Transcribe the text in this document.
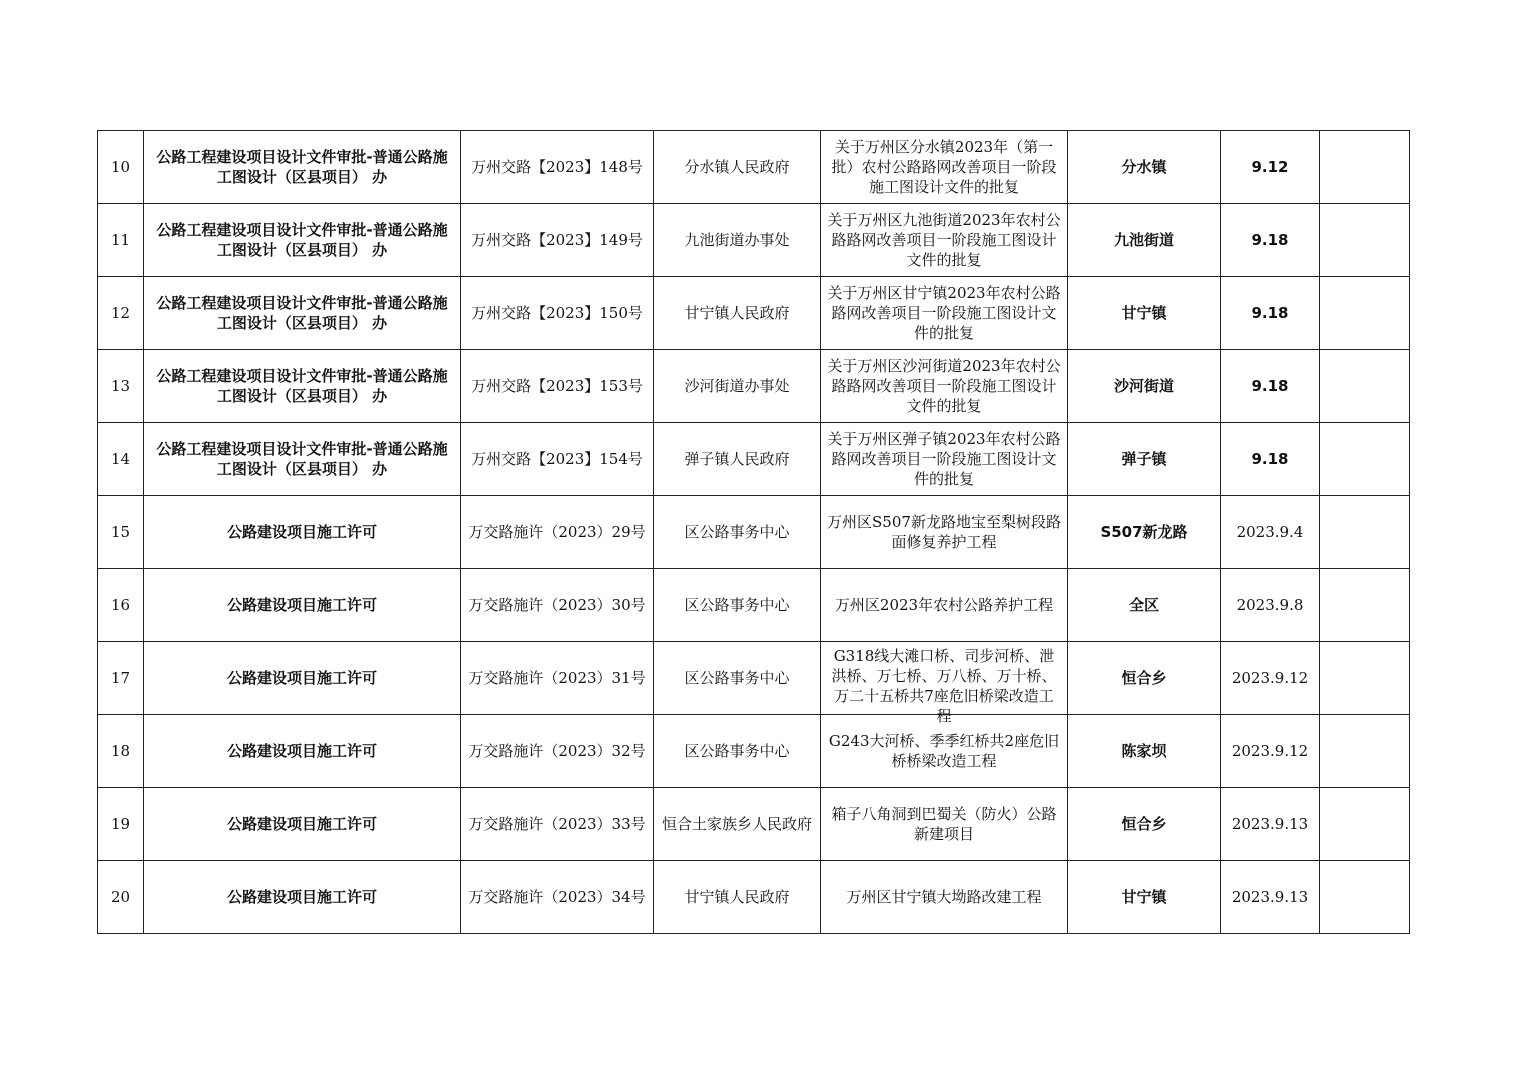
10	公路工程建设项目设计文件审批-普通公路施工图设计（区县项目） 办	万州交路【2023】148号	分水镇人民政府	关于万州区分水镇2023年（第一批）农村公路路网改善项目一阶段施工图设计文件的批复	分水镇	9.12	
11	公路工程建设项目设计文件审批-普通公路施工图设计（区县项目） 办	万州交路【2023】149号	九池街道办事处	关于万州区九池街道2023年农村公路路网改善项目一阶段施工图设计文件的批复	九池街道	9.18	
12	公路工程建设项目设计文件审批-普通公路施工图设计（区县项目） 办	万州交路【2023】150号	甘宁镇人民政府	关于万州区甘宁镇2023年农村公路路网改善项目一阶段施工图设计文件的批复	甘宁镇	9.18	
13	公路工程建设项目设计文件审批-普通公路施工图设计（区县项目） 办	万州交路【2023】153号	沙河街道办事处	关于万州区沙河街道2023年农村公路路网改善项目一阶段施工图设计文件的批复	沙河街道	9.18	
14	公路工程建设项目设计文件审批-普通公路施工图设计（区县项目） 办	万州交路【2023】154号	弹子镇人民政府	关于万州区弹子镇2023年农村公路路网改善项目一阶段施工图设计文件的批复	弹子镇	9.18	
15	公路建设项目施工许可	万交路施许（2023）29号	区公路事务中心	万州区S507新龙路地宝至梨树段路面修复养护工程	S507新龙路	2023.9.4	
16	公路建设项目施工许可	万交路施许（2023）30号	区公路事务中心	万州区2023年农村公路养护工程	全区	2023.9.8	
17	公路建设项目施工许可	万交路施许（2023）31号	区公路事务中心	G318线大滩口桥、司步河桥、泄洪桥、万七桥、万八桥、万十桥、万二十五桥共7座危旧桥梁改造工程	恒合乡	2023.9.12	
18	公路建设项目施工许可	万交路施许（2023）32号	区公路事务中心	G243大河桥、季季红桥共2座危旧桥桥梁改造工程	陈家坝	2023.9.12	
19	公路建设项目施工许可	万交路施许（2023）33号	恒合土家族乡人民政府	箱子八角洞到巴蜀关（防火）公路新建项目	恒合乡	2023.9.13	
20	公路建设项目施工许可	万交路施许（2023）34号	甘宁镇人民政府	万州区甘宁镇大坳路改建工程	甘宁镇	2023.9.13	
